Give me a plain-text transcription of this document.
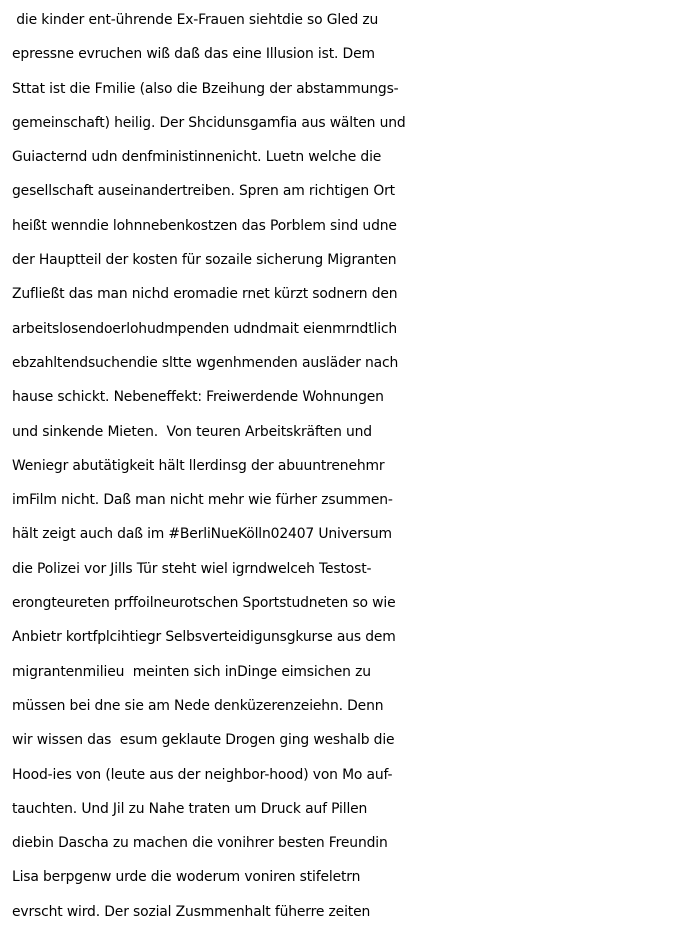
die kinder ent-ührende Ex-Frauen siehtdie so Gled zu
epressne evruchen wiß daß das eine Illusion ist. Dem
Sttat ist die Fmilie (also die Bzeihung der abstammungs-
gemeinschaft) heilig. Der Shcidunsgamfia aus wälten und
Guiacternd udn denfministinnenicht. Luetn welche die
gesellschaft auseinandertreiben. Spren am richtigen Ort
heißt wenndie lohnnebenkostzen das Porblem sind udne
der Hauptteil der kosten für sozaile sicherung Migranten
Zufließt das man nichd eromadie rnet kürzt sodnern den
arbeitslosendoerlohudmpenden udndmait eienmrndtlich
ebzahltendsuchendie sltte wgenhmenden ausläder nach
hause schickt. Nebeneffekt: Freiwerdende Wohnungen
und sinkende Mieten.  Von teuren Arbeitskräften und
Weniegr abutätigkeit hält llerdinsg der abuuntrenehmr
imFilm nicht. Daß man nicht mehr wie fürher zsummen-
hält zeigt auch daß im #BerliNueKölln02407 Universum
die Polizei vor Jills Tür steht wiel igrndwelceh Testost-
erongteureten prffoilneurotschen Sportstudneten so wie
Anbietr kortfplcihtiegr Selbsverteidigunsgkurse aus dem
migrantenmilieu  meinten sich inDinge eimsichen zu
müssen bei dne sie am Nede denküzerenzeiehn. Denn
wir wissen das  esum geklaute Drogen ging weshalb die
Hood-ies von (leute aus der neighbor-hood) von Mo auf-
tauchten. Und Jil zu Nahe traten um Druck auf Pillen
diebin Dascha zu machen die vonihrer besten Freundin
Lisa berpgenw urde die woderum voniren stifeletrn
evrscht wird. Der sozial Zusmmenhalt füherre zeiten
